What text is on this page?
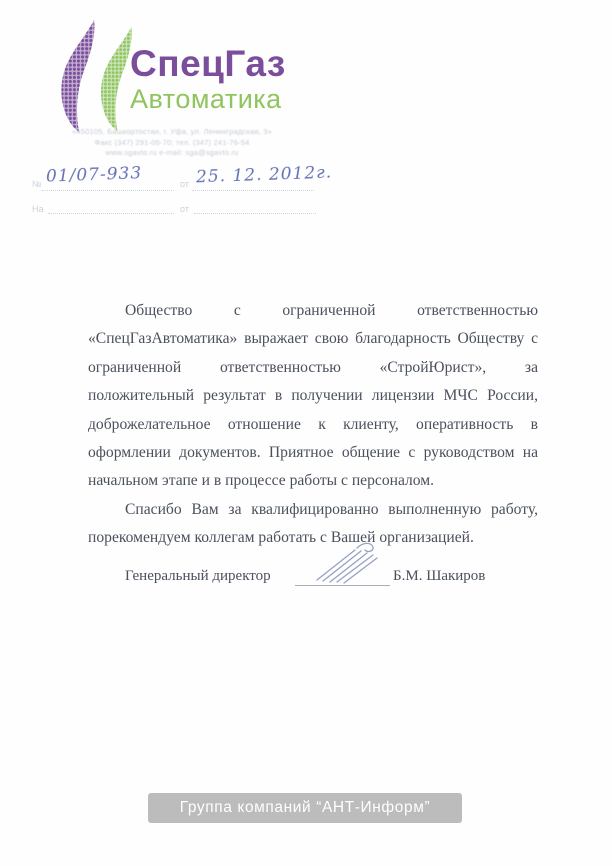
СпецГаз
Автоматика
«450105, Башкортостан, г. Уфа, ул. Ленинградская, 3»
Факс (347) 291-06-70; тел. (347) 241-76-54
www.sgavto.ru e-mail: sga@sgavto.ru
№ 01/07-933	от 25. 12. 2012г.
На	от

Общество с ограниченной ответственностью «СпецГазАвтоматика» выражает свою благодарность Обществу с ограниченной ответственностью «СтройЮрист», за положительный результат в получении лицензии МЧС России, доброжелательное отношение к клиенту, оперативность в оформлении документов. Приятное общение с руководством на начальном этапе и в процессе работы с персоналом.

Спасибо Вам за квалифицированно выполненную работу, порекомендуем коллегам работать с Вашей организацией.

Генеральный директор	Б.М. Шакиров
Группа компаний “АНТ-Информ”
